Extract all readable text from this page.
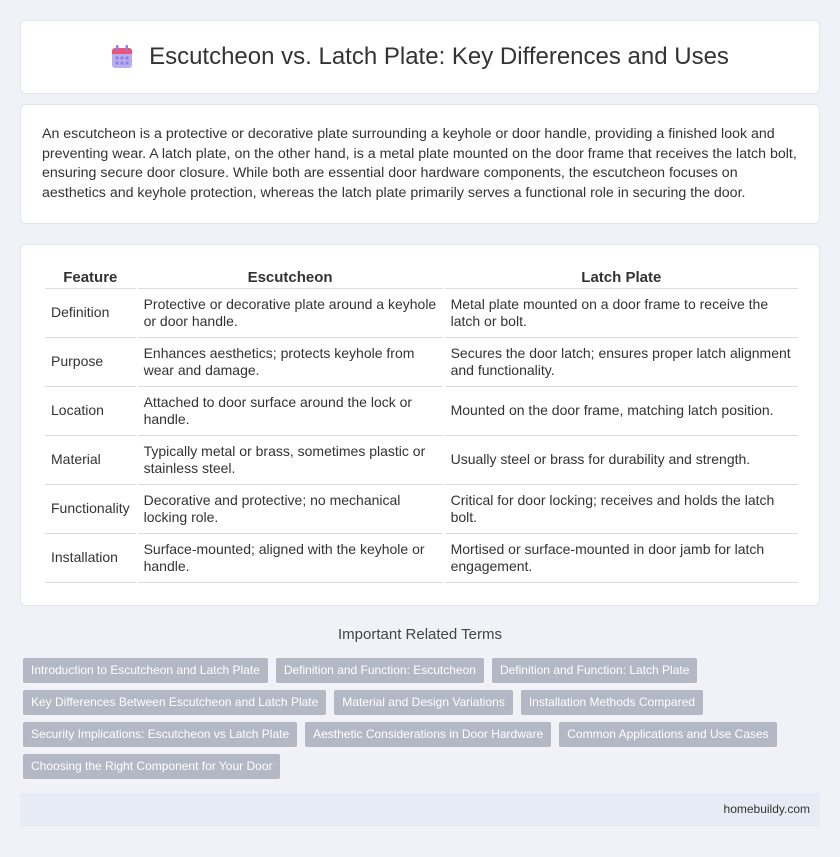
Escutcheon vs. Latch Plate: Key Differences and Uses

An escutcheon is a protective or decorative plate surrounding a keyhole or door handle, providing a finished look and preventing wear. A latch plate, on the other hand, is a metal plate mounted on the door frame that receives the latch bolt, ensuring secure door closure. While both are essential door hardware components, the escutcheon focuses on aesthetics and keyhole protection, whereas the latch plate primarily serves a functional role in securing the door.

Feature	Escutcheon	Latch Plate
Definition	Protective or decorative plate around a keyhole or door handle.	Metal plate mounted on a door frame to receive the latch or bolt.
Purpose	Enhances aesthetics; protects keyhole from wear and damage.	Secures the door latch; ensures proper latch alignment and functionality.
Location	Attached to door surface around the lock or handle.	Mounted on the door frame, matching latch position.
Material	Typically metal or brass, sometimes plastic or stainless steel.	Usually steel or brass for durability and strength.
Functionality	Decorative and protective; no mechanical locking role.	Critical for door locking; receives and holds the latch bolt.
Installation	Surface-mounted; aligned with the keyhole or handle.	Mortised or surface-mounted in door jamb for latch engagement.
Important Related Terms
Introduction to Escutcheon and Latch Plate	Definition and Function: Escutcheon	Definition and Function: Latch Plate
Key Differences Between Escutcheon and Latch Plate	Material and Design Variations	Installation Methods Compared
Security Implications: Escutcheon vs Latch Plate	Aesthetic Considerations in Door Hardware	Common Applications and Use Cases
Choosing the Right Component for Your Door
homebuildy.com
